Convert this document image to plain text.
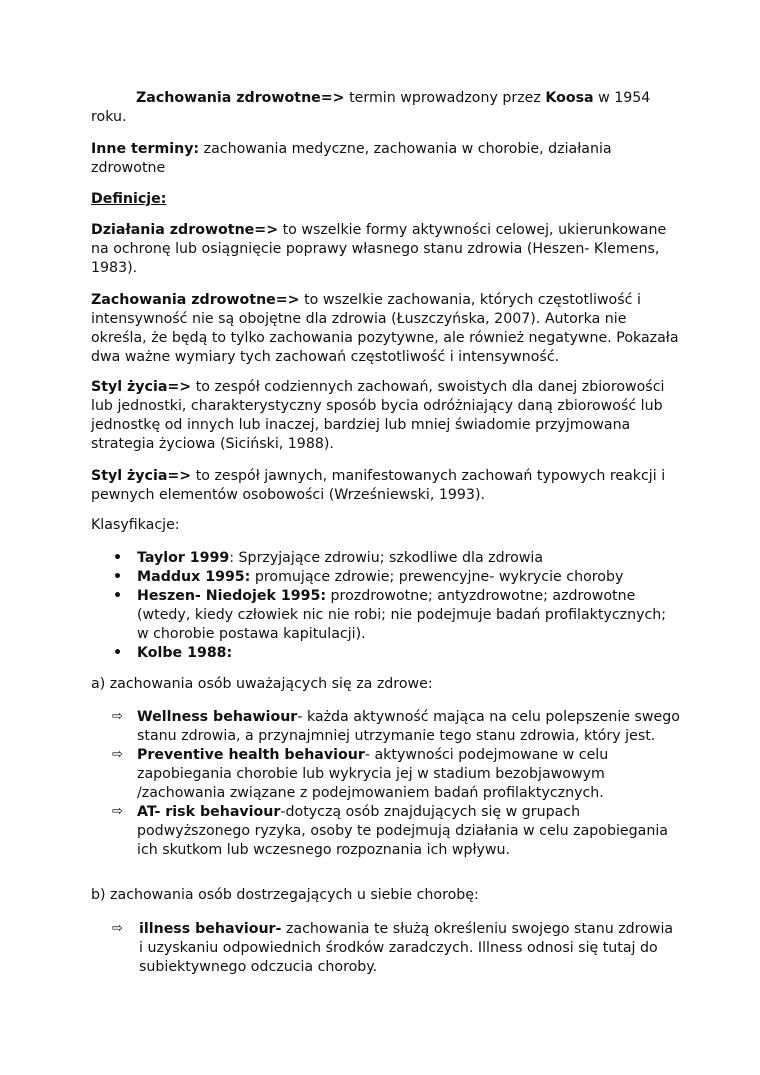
Zachowania zdrowotne=> termin wprowadzony przez Koosa w 1954 roku.

Inne terminy: zachowania medyczne, zachowania w chorobie, działania zdrowotne

Definicje:

Działania zdrowotne=> to wszelkie formy aktywności celowej, ukierunkowane na ochronę lub osiągnięcie poprawy własnego stanu zdrowia (Heszen- Klemens, 1983).

Zachowania zdrowotne=> to wszelkie zachowania, których częstotliwość i intensywność nie są obojętne dla zdrowia (Łuszczyńska, 2007). Autorka nie określa, że będą to tylko zachowania pozytywne, ale również negatywne. Pokazała dwa ważne wymiary tych zachowań częstotliwość i intensywność.

Styl życia=> to zespół codziennych zachowań, swoistych dla danej zbiorowości lub jednostki, charakterystyczny sposób bycia odróżniający daną zbiorowość lub jednostkę od innych lub inaczej, bardziej lub mniej świadomie przyjmowana strategia życiowa (Siciński, 1988).

Styl życia=> to zespół jawnych, manifestowanych zachowań typowych reakcji i pewnych elementów osobowości (Wrześniewski, 1993).

Klasyfikacje:

• Taylor 1999: Sprzyjające zdrowiu; szkodliwe dla zdrowia
• Maddux 1995: promujące zdrowie; prewencyjne- wykrycie choroby
• Heszen- Niedojek 1995: prozdrowotne; antyzdrowotne; azdrowotne (wtedy, kiedy człowiek nic nie robi; nie podejmuje badań profilaktycznych; w chorobie postawa kapitulacji).
• Kolbe 1988:

a) zachowania osób uważających się za zdrowe:

⇨ Wellness behawiour- każda aktywność mająca na celu polepszenie swego stanu zdrowia, a przynajmniej utrzymanie tego stanu zdrowia, który jest.
⇨ Preventive health behaviour- aktywności podejmowane w celu zapobiegania chorobie lub wykrycia jej w stadium bezobjawowym /zachowania związane z podejmowaniem badań profilaktycznych.
⇨ AT- risk behaviour-dotyczą osób znajdujących się w grupach podwyższonego ryzyka, osoby te podejmują działania w celu zapobiegania ich skutkom lub wczesnego rozpoznania ich wpływu.

b) zachowania osób dostrzegających u siebie chorobę:

⇨ illness behaviour- zachowania te służą określeniu swojego stanu zdrowia i uzyskaniu odpowiednich środków zaradczych. Illness odnosi się tutaj do subiektywnego odczucia choroby.
